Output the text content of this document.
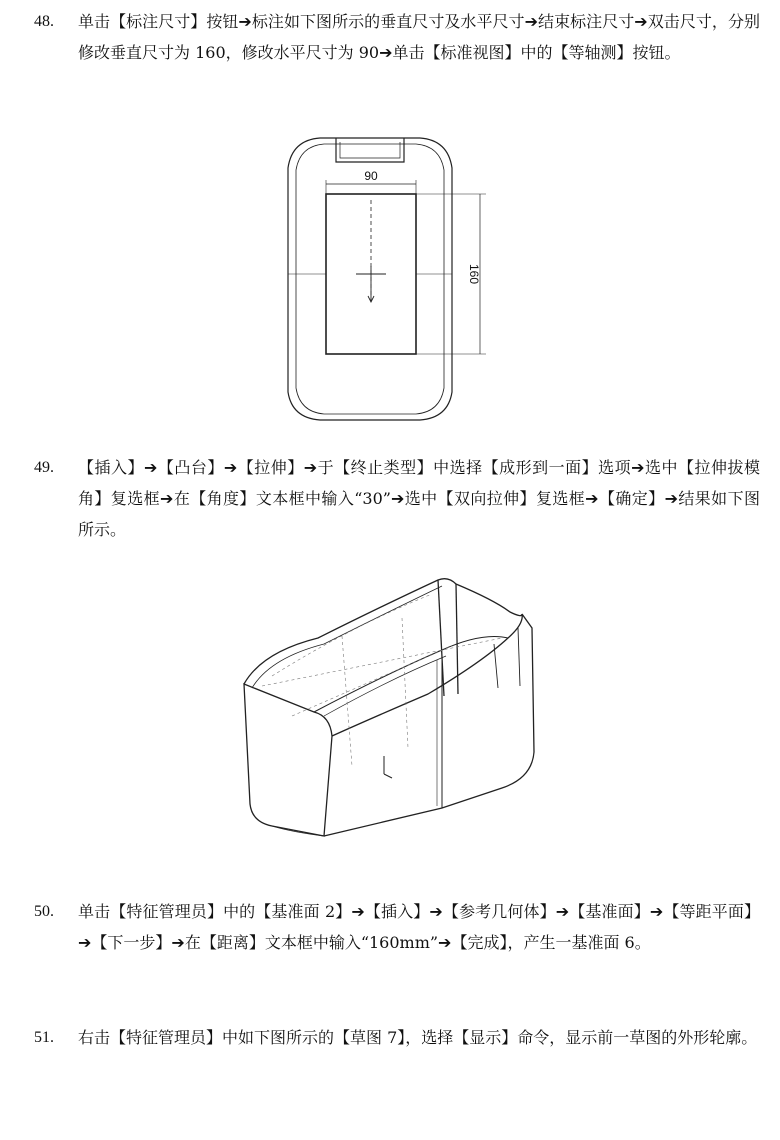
48. 单击【标注尺寸】按钮➔标注如下图所示的垂直尺寸及水平尺寸➔结束标注尺寸➔双击尺寸，分别修改垂直尺寸为 160，修改水平尺寸为 90➔单击【标准视图】中的【等轴测】按钮。
90
160
49. 【插入】➔【凸台】➔【拉伸】➔于【终止类型】中选择【成形到一面】选项➔选中【拉伸拔模角】复选框➔在【角度】文本框中输入“30”➔选中【双向拉伸】复选框➔【确定】➔结果如下图所示。
50. 单击【特征管理员】中的【基准面 2】➔【插入】➔【参考几何体】➔【基准面】➔【等距平面】➔【下一步】➔在【距离】文本框中输入“160mm”➔【完成】，产生一基准面 6。
51. 右击【特征管理员】中如下图所示的【草图 7】，选择【显示】命令，显示前一草图的外形轮廓。
